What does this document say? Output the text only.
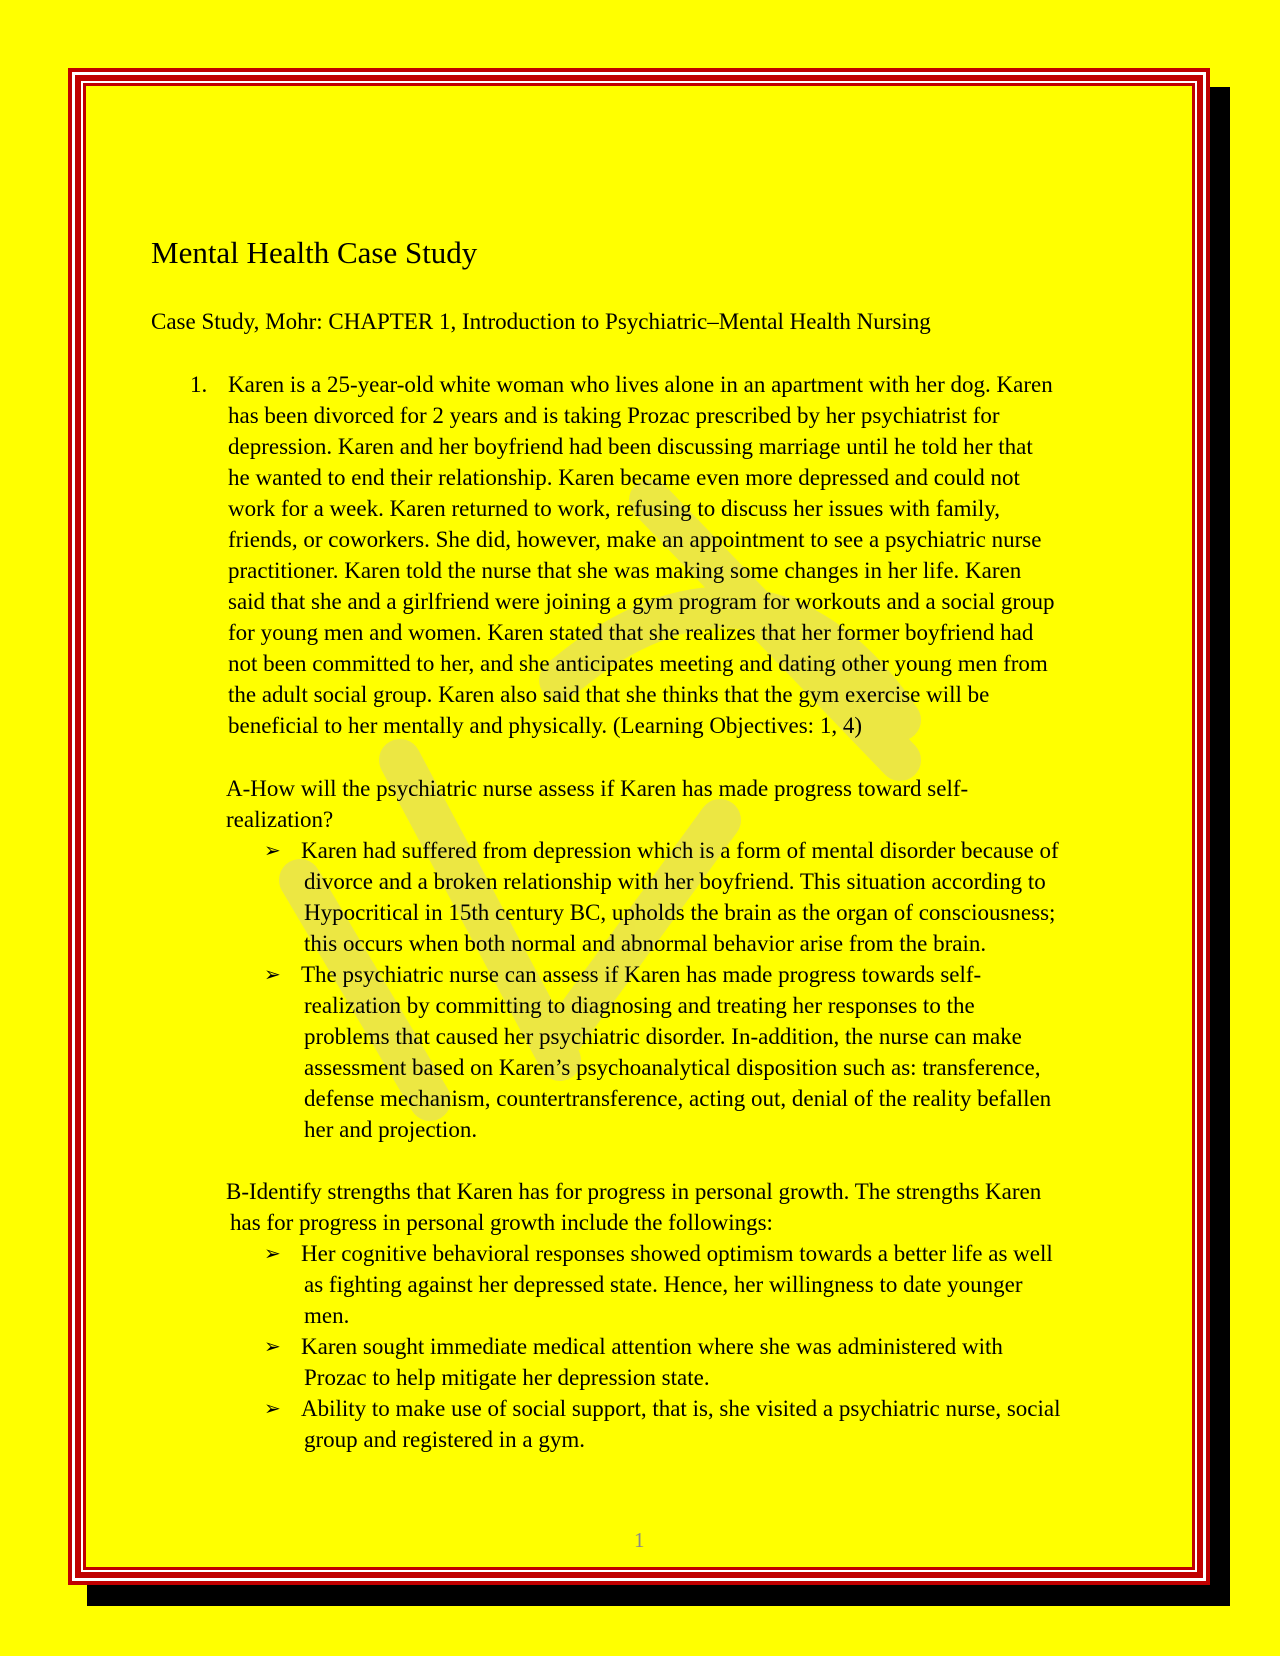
Mental Health Case Study
Case Study, Mohr: CHAPTER 1, Introduction to Psychiatric–Mental Health Nursing
1. Karen is a 25-year-old white woman who lives alone in an apartment with her dog. Karen
has been divorced for 2 years and is taking Prozac prescribed by her psychiatrist for
depression. Karen and her boyfriend had been discussing marriage until he told her that
he wanted to end their relationship. Karen became even more depressed and could not
work for a week. Karen returned to work, refusing to discuss her issues with family,
friends, or coworkers. She did, however, make an appointment to see a psychiatric nurse
practitioner. Karen told the nurse that she was making some changes in her life. Karen
said that she and a girlfriend were joining a gym program for workouts and a social group
for young men and women. Karen stated that she realizes that her former boyfriend had
not been committed to her, and she anticipates meeting and dating other young men from
the adult social group. Karen also said that she thinks that the gym exercise will be
beneficial to her mentally and physically. (Learning Objectives: 1, 4)
A-How will the psychiatric nurse assess if Karen has made progress toward self-
realization?
➢ Karen had suffered from depression which is a form of mental disorder because of
divorce and a broken relationship with her boyfriend. This situation according to
Hypocritical in 15th century BC, upholds the brain as the organ of consciousness;
this occurs when both normal and abnormal behavior arise from the brain.
➢ The psychiatric nurse can assess if Karen has made progress towards self-
realization by committing to diagnosing and treating her responses to the
problems that caused her psychiatric disorder. In-addition, the nurse can make
assessment based on Karen’s psychoanalytical disposition such as: transference,
defense mechanism, countertransference, acting out, denial of the reality befallen
her and projection.
B-Identify strengths that Karen has for progress in personal growth. The strengths Karen
has for progress in personal growth include the followings:
➢ Her cognitive behavioral responses showed optimism towards a better life as well
as fighting against her depressed state. Hence, her willingness to date younger
men.
➢ Karen sought immediate medical attention where she was administered with
Prozac to help mitigate her depression state.
➢ Ability to make use of social support, that is, she visited a psychiatric nurse, social
group and registered in a gym.
1
